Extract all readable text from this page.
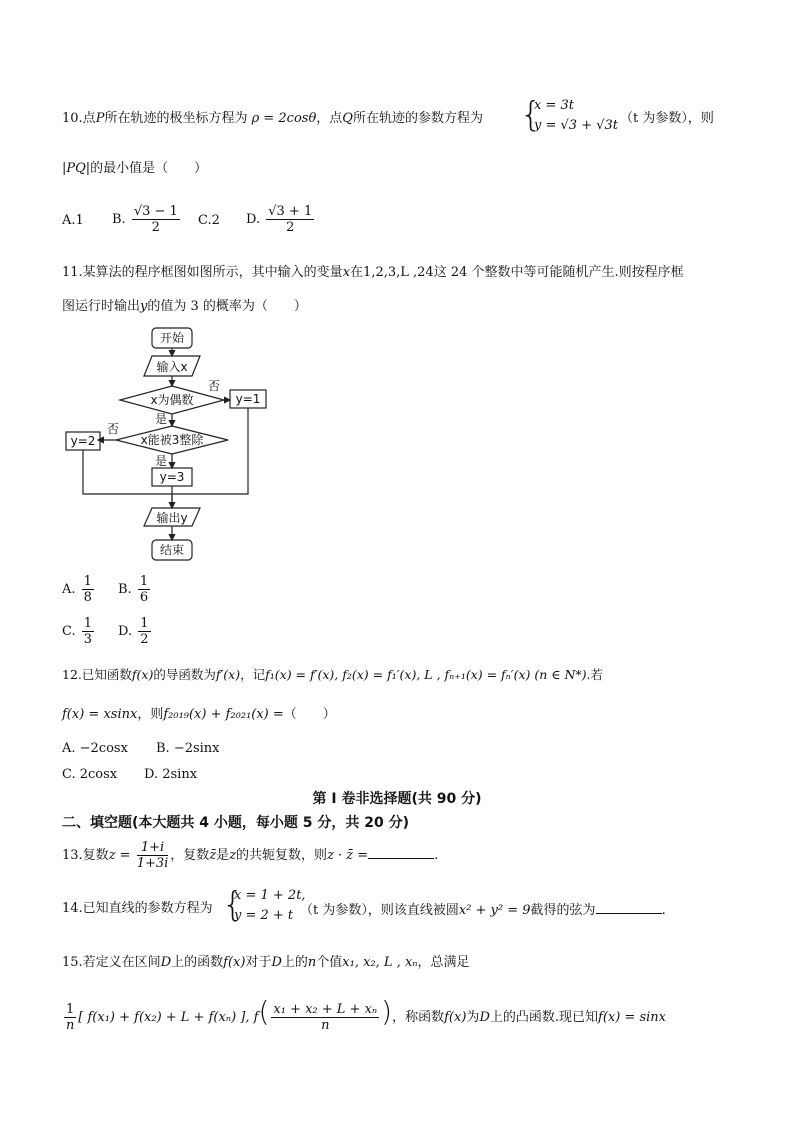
10.点P所在轨迹的极坐标方程为 ρ = 2cosθ，点Q所在轨迹的参数方程为 {
x = 3t
y = √3 + √3t （t 为参数），则
|PQ|的最小值是（　　）
A.1 B. $\frac{√3 - 1}{2} C.2$ D. $\frac{√3 + 1}{2}$
11.某算法的程序框图如图所示，其中输入的变量x在1,2,3,L ,24这 24 个整数中等可能随机产生.则按程序框
图运行时输出y的值为 3 的概率为（　　）
开始
输入x
x为偶数
否
是
y=1
x能被3整除
否
是
y=2
y=3
输出y
结束
A. $\frac{1}{8} B$. $\frac{1}{6}$
C. $\frac{1}{3} D$. $\frac{1}{2}$
12.已知函数f(x)的导函数为f′(x)，记f₁(x) = f′(x), f₂(x) = f₁′(x), L , fₙ₊₁(x) = fₙ′(x) (n ∈ N*).若
f(x) = xsinx，则f₂₀₁₉(x) + f₂₀₂₁(x) =（　　）
A. −2cosx B. −2sinx
C. 2cosx D. 2sinx
第 I 卷非选择题(共 90 分)
二、填空题(本大题共 4 小题，每小题 5 分，共 20 分)
13.复数$z = \frac{1+i}{1+3i}$ ，复数z̄是z的共轭复数，则z · z̄ =	.
14.已知直线的参数方程为 {
x = 1 + 2t,
y = 2 + t （t 为参数），则该直线被圆x² + y² = 9截得的弦为	.
15.若定义在区间D上的函数f(x)对于D上的n个值x₁, x₂, L , xₙ，总满足
$\frac{1}{n}$ [ f(x₁) + f(x₂) + L + f(xₙ) ], $f( \frac{\text{x₁ + x₂ + L + xₙ}}{n}$ )，称函数f(x)为D上的凸函数.现已知f(x) = sinx
